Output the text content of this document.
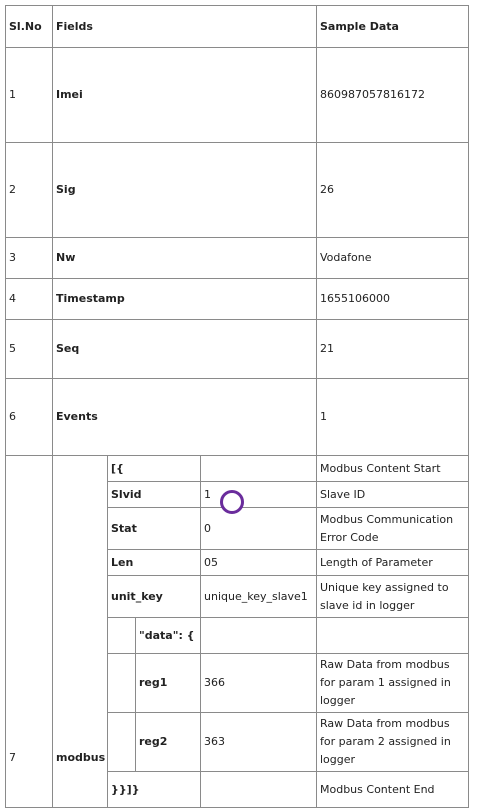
Sl.No	Fields				Sample Data	
1	Imei				860987057816172	
2	Sig				26	
3	Nw				Vodafone	
4	Timestamp				1655106000	
5	Seq				21	
6	Events				1	
7	modbus	[{			Modbus Content Start	
		Slvid		1	Slave ID	
		Stat		0	Modbus Communication Error Code	
		Len		05	Length of Parameter	
		unit_key		unique_key_slave1	Unique key assigned to slave id in logger	
			"data": {			
			reg1	366	Raw Data from modbus for param 1 assigned in logger	
			reg2	363	Raw Data from modbus for param 2 assigned in logger	
		}}]}			Modbus Content End	
